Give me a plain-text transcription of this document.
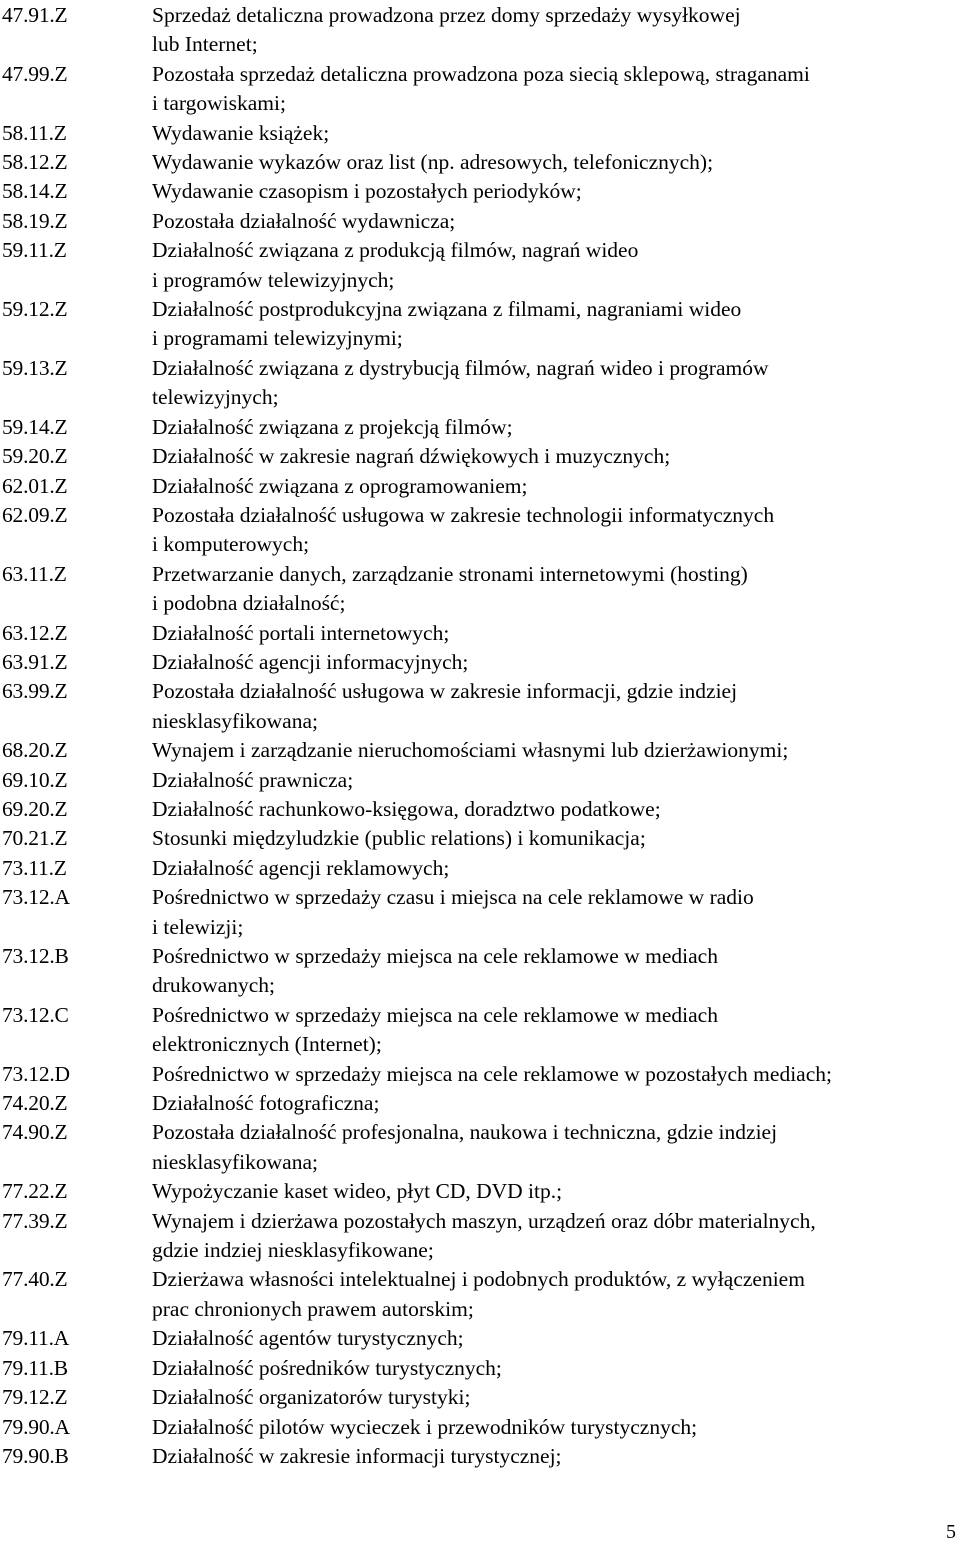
47.91.Z	Sprzedaż detaliczna prowadzona przez domy sprzedaży wysyłkowej
lub Internet;
47.99.Z	Pozostała sprzedaż detaliczna prowadzona poza siecią sklepową, straganami
i targowiskami;
58.11.Z	Wydawanie książek;
58.12.Z	Wydawanie wykazów oraz list (np. adresowych, telefonicznych);
58.14.Z	Wydawanie czasopism i pozostałych periodyków;
58.19.Z	Pozostała działalność wydawnicza;
59.11.Z	Działalność związana z produkcją filmów, nagrań wideo
i programów telewizyjnych;
59.12.Z	Działalność postprodukcyjna związana z filmami, nagraniami wideo
i programami telewizyjnymi;
59.13.Z	Działalność związana z dystrybucją filmów, nagrań wideo i programów
telewizyjnych;
59.14.Z	Działalność związana z projekcją filmów;
59.20.Z	Działalność w zakresie nagrań dźwiękowych i muzycznych;
62.01.Z	Działalność związana z oprogramowaniem;
62.09.Z	Pozostała działalność usługowa w zakresie technologii informatycznych
i komputerowych;
63.11.Z	Przetwarzanie danych, zarządzanie stronami internetowymi (hosting)
i podobna działalność;
63.12.Z	Działalność portali internetowych;
63.91.Z	Działalność agencji informacyjnych;
63.99.Z	Pozostała działalność usługowa w zakresie informacji, gdzie indziej
niesklasyfikowana;
68.20.Z	Wynajem i zarządzanie nieruchomościami własnymi lub dzierżawionymi;
69.10.Z	Działalność prawnicza;
69.20.Z	Działalność rachunkowo-księgowa, doradztwo podatkowe;
70.21.Z	Stosunki międzyludzkie (public relations) i komunikacja;
73.11.Z	Działalność agencji reklamowych;
73.12.A	Pośrednictwo w sprzedaży czasu i miejsca na cele reklamowe w radio
i telewizji;
73.12.B	Pośrednictwo w sprzedaży miejsca na cele reklamowe w mediach
drukowanych;
73.12.C	Pośrednictwo w sprzedaży miejsca na cele reklamowe w mediach
elektronicznych (Internet);
73.12.D	Pośrednictwo w sprzedaży miejsca na cele reklamowe w pozostałych mediach;
74.20.Z	Działalność fotograficzna;
74.90.Z	Pozostała działalność profesjonalna, naukowa i techniczna, gdzie indziej
niesklasyfikowana;
77.22.Z	Wypożyczanie kaset wideo, płyt CD, DVD itp.;
77.39.Z	Wynajem i dzierżawa pozostałych maszyn, urządzeń oraz dóbr materialnych,
gdzie indziej niesklasyfikowane;
77.40.Z	Dzierżawa własności intelektualnej i podobnych produktów, z wyłączeniem
prac chronionych prawem autorskim;
79.11.A	Działalność agentów turystycznych;
79.11.B	Działalność pośredników turystycznych;
79.12.Z	Działalność organizatorów turystyki;
79.90.A	Działalność pilotów wycieczek i przewodników turystycznych;
79.90.B	Działalność w zakresie informacji turystycznej;
5
